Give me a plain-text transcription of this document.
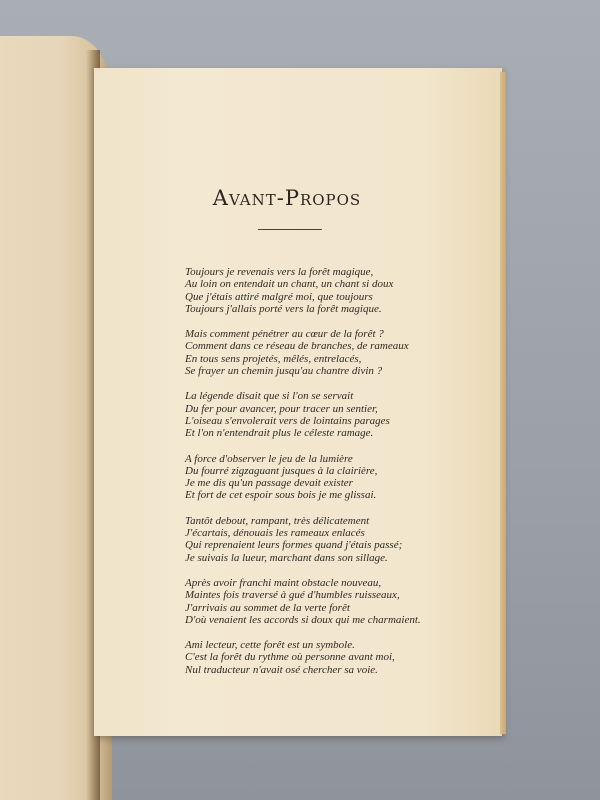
Avant-Propos
Toujours je revenais vers la forêt magique,
Au loin on entendait un chant, un chant si doux
Que j'étais attiré malgré moi, que toujours
Toujours j'allais porté vers la forêt magique.
Mais comment pénétrer au cœur de la forêt ?
Comment dans ce réseau de branches, de rameaux
En tous sens projetés, mêlés, entrelacés,
Se frayer un chemin jusqu'au chantre divin ?
La légende disait que si l'on se servait
Du fer pour avancer, pour tracer un sentier,
L'oiseau s'envolerait vers de lointains parages
Et l'on n'entendrait plus le céleste ramage.
A force d'observer le jeu de la lumière
Du fourré zigzaguant jusques à la clairière,
Je me dis qu'un passage devait exister
Et fort de cet espoir sous bois je me glissai.
Tantôt debout, rampant, très délicatement
J'écartais, dénouais les rameaux enlacés
Qui reprenaient leurs formes quand j'étais passé;
Je suivais la lueur, marchant dans son sillage.
Après avoir franchi maint obstacle nouveau,
Maintes fois traversé à gué d'humbles ruisseaux,
J'arrivais au sommet de la verte forêt
D'où venaient les accords si doux qui me charmaient.
Ami lecteur, cette forêt est un symbole.
C'est la forêt du rythme où personne avant moi,
Nul traducteur n'avait osé chercher sa voie.
